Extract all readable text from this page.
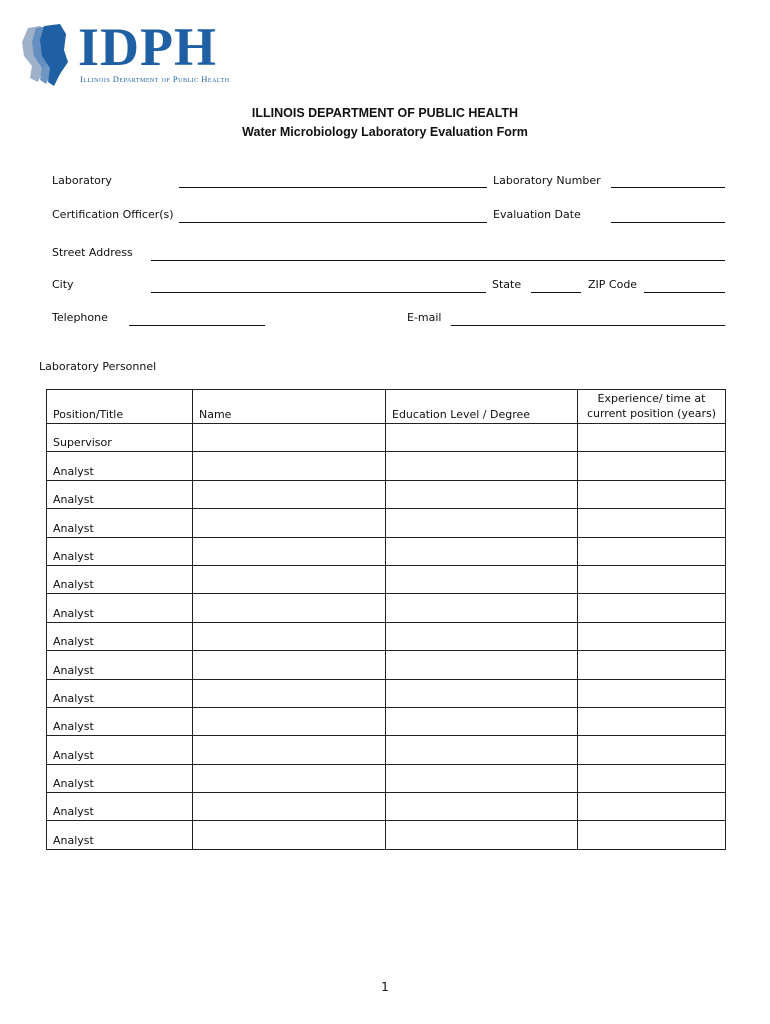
IDPH
Illinois Department of Public Health
ILLINOIS DEPARTMENT OF PUBLIC HEALTH
Water Microbiology Laboratory Evaluation Form
Laboratory	Laboratory Number
Certification Officer(s)	Evaluation Date
Street Address
City	State	ZIP Code
Telephone	E-mail
Laboratory Personnel
Position/Title	Name	Education Level / Degree	Experience/ time at current position (years)
Supervisor			
Analyst			
Analyst			
Analyst			
Analyst			
Analyst			
Analyst			
Analyst			
Analyst			
Analyst			
Analyst			
Analyst			
Analyst			
Analyst			
Analyst			
1
